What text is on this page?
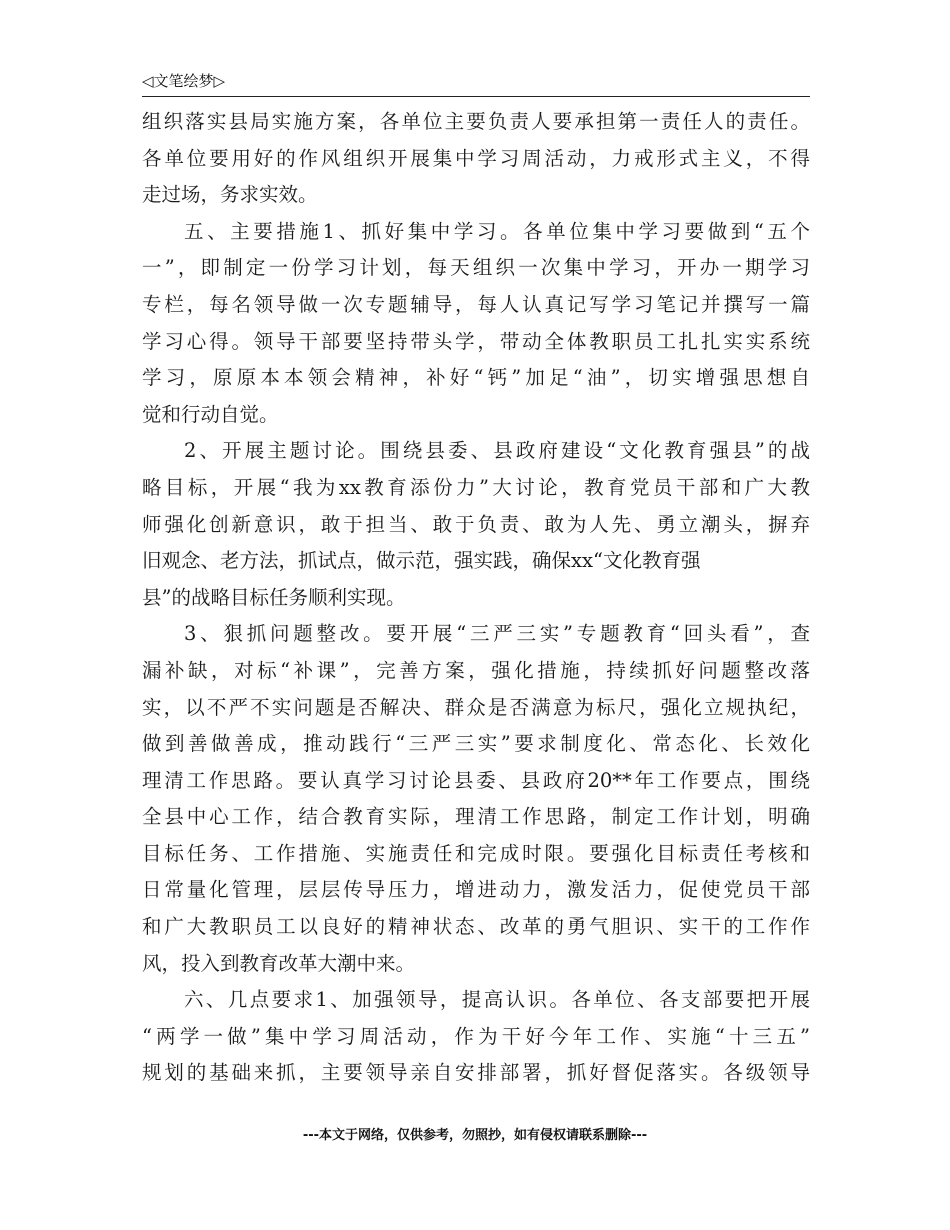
◁文笔绘梦▷
组织落实县局实施方案，各单位主要负责人要承担第一责任人的责任。
各单位要用好的作风组织开展集中学习周活动，力戒形式主义，不得
走过场，务求实效。
五、主要措施1、抓好集中学习。各单位集中学习要做到“五个
一”，即制定一份学习计划，每天组织一次集中学习，开办一期学习
专栏，每名领导做一次专题辅导，每人认真记写学习笔记并撰写一篇
学习心得。领导干部要坚持带头学，带动全体教职员工扎扎实实系统
学习，原原本本领会精神，补好“钙”加足“油”，切实增强思想自
觉和行动自觉。
2、开展主题讨论。围绕县委、县政府建设“文化教育强县”的战
略目标，开展“我为xx教育添份力”大讨论，教育党员干部和广大教
师强化创新意识，敢于担当、敢于负责、敢为人先、勇立潮头，摒弃
旧观念、老方法，抓试点，做示范，强实践，确保xx“文化教育强
县”的战略目标任务顺利实现。
3、狠抓问题整改。要开展“三严三实”专题教育“回头看”，查
漏补缺，对标“补课”，完善方案，强化措施，持续抓好问题整改落
实，以不严不实问题是否解决、群众是否满意为标尺，强化立规执纪，
做到善做善成，推动践行“三严三实”要求制度化、常态化、长效化
理清工作思路。要认真学习讨论县委、县政府20**年工作要点，围绕
全县中心工作，结合教育实际，理清工作思路，制定工作计划，明确
目标任务、工作措施、实施责任和完成时限。要强化目标责任考核和
日常量化管理，层层传导压力，增进动力，激发活力，促使党员干部
和广大教职员工以良好的精神状态、改革的勇气胆识、实干的工作作
风，投入到教育改革大潮中来。
六、几点要求1、加强领导，提高认识。各单位、各支部要把开展
“两学一做”集中学习周活动，作为干好今年工作、实施“十三五”
规划的基础来抓，主要领导亲自安排部署，抓好督促落实。各级领导
---本文于网络，仅供参考，勿照抄，如有侵权请联系删除---
